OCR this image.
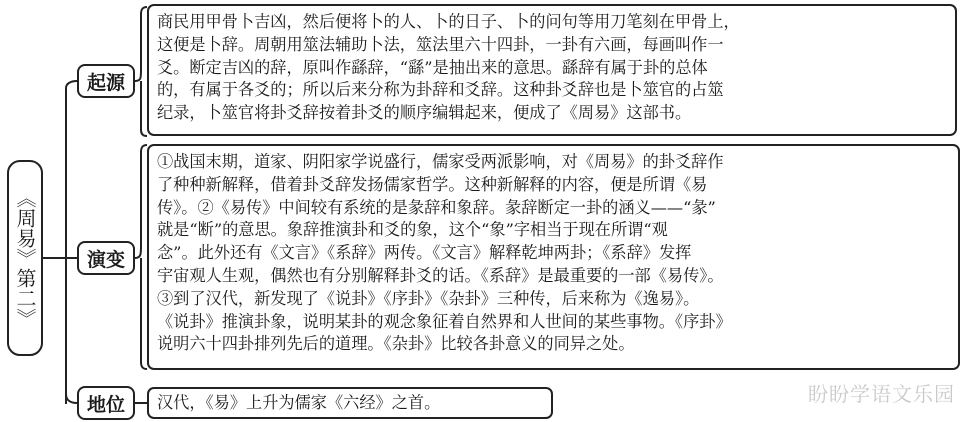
《周易》第二》
起源
商民用甲骨卜吉凶，然后便将卜的人、卜的日子、卜的问句等用刀笔刻在甲骨上，
这便是卜辞。周朝用筮法辅助卜法，筮法里六十四卦，一卦有六画，每画叫作一
爻。断定吉凶的辞，原叫作繇辞，“繇”是抽出来的意思。繇辞有属于卦的总体
的，有属于各爻的；所以后来分称为卦辞和爻辞。这种卦爻辞也是卜筮官的占筮
纪录，卜筮官将卦爻辞按着卦爻的顺序编辑起来，便成了《周易》这部书。
演变
①战国末期，道家、阴阳家学说盛行，儒家受两派影响，对《周易》的卦爻辞作
了种种新解释，借着卦爻辞发扬儒家哲学。这种新解释的内容，便是所谓《易
传》。②《易传》中间较有系统的是彖辞和象辞。彖辞断定一卦的涵义——“彖”
就是“断”的意思。象辞推演卦和爻的象，这个“象”字相当于现在所谓“观
念”。此外还有《文言》《系辞》两传。《文言》解释乾坤两卦；《系辞》发挥
宇宙观人生观，偶然也有分别解释卦爻的话。《系辞》是最重要的一部《易传》。
③到了汉代，新发现了《说卦》《序卦》《杂卦》三种传，后来称为《逸易》。
《说卦》推演卦象，说明某卦的观念象征着自然界和人世间的某些事物。《序卦》
说明六十四卦排列先后的道理。《杂卦》比较各卦意义的同异之处。
地位	汉代，《易》上升为儒家《六经》之首。	盼盼学语文乐园
